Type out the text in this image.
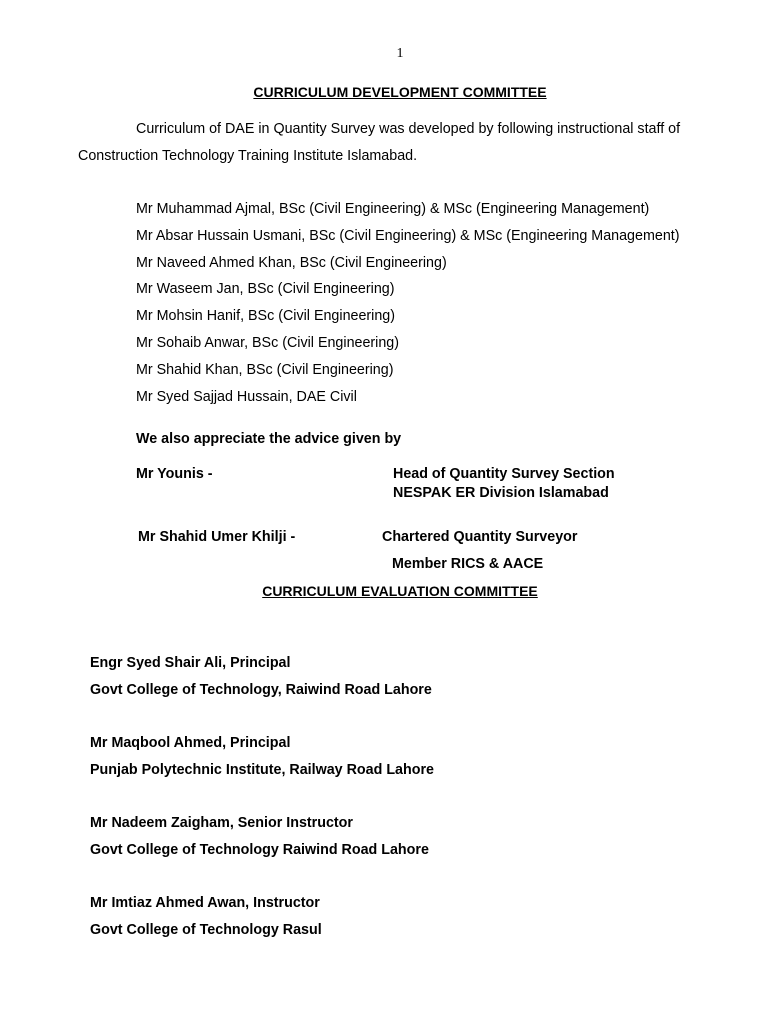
1
CURRICULUM DEVELOPMENT COMMITTEE
Curriculum of DAE in Quantity Survey was developed by following instructional staff of Construction Technology Training Institute Islamabad.
Mr Muhammad Ajmal, BSc (Civil Engineering) & MSc (Engineering Management)
Mr Absar Hussain Usmani, BSc (Civil Engineering) & MSc (Engineering Management)
Mr Naveed Ahmed Khan, BSc (Civil Engineering)
Mr Waseem Jan, BSc (Civil Engineering)
Mr Mohsin Hanif, BSc (Civil Engineering)
Mr Sohaib Anwar, BSc (Civil Engineering)
Mr Shahid Khan, BSc (Civil Engineering)
Mr Syed Sajjad Hussain, DAE Civil
We also appreciate the advice given by
Mr Younis -	Head of Quantity Survey Section
NESPAK ER Division Islamabad
Mr Shahid Umer Khilji -	Chartered Quantity Surveyor
Member RICS & AACE
CURRICULUM EVALUATION COMMITTEE
Engr Syed Shair Ali, Principal
Govt College of Technology, Raiwind Road Lahore
Mr Maqbool Ahmed, Principal
Punjab Polytechnic Institute, Railway Road Lahore
Mr Nadeem Zaigham, Senior Instructor
Govt College of Technology Raiwind Road Lahore
Mr Imtiaz Ahmed Awan, Instructor
Govt College of Technology Rasul
